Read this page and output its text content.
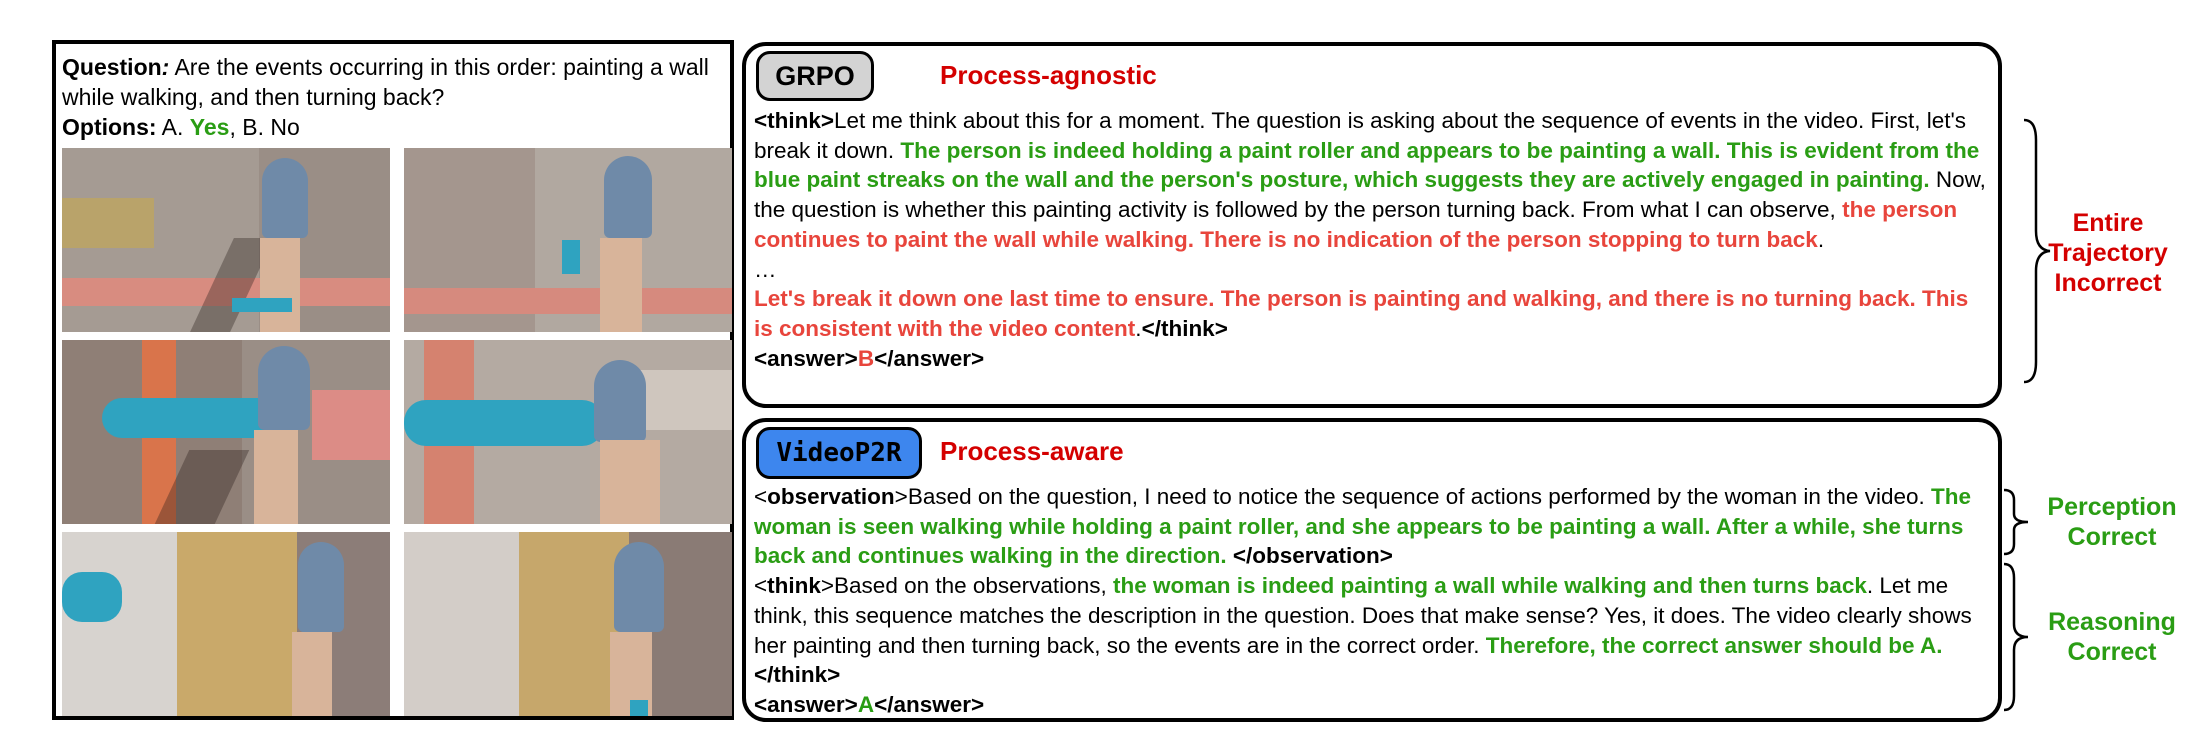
Question: Are the events occurring in this order: painting a wall while walking, and then turning back?
Options: A. Yes, B. No
GRPO	Process-agnostic
<think>Let me think about this for a moment. The question is asking about the sequence of events in the video. First, let's break it down. The person is indeed holding a paint roller and appears to be painting a wall. This is evident from the blue paint streaks on the wall and the person's posture, which suggests they are actively engaged in painting. Now, the question is whether this painting activity is followed by the person turning back. From what I can observe, the person continues to paint the wall while walking. There is no indication of the person stopping to turn back.
…
Let's break it down one last time to ensure. The person is painting and walking, and there is no turning back. This is consistent with the video content.</think>
<answer>B</answer>
VideoP2R	Process-aware
<observation>Based on the question, I need to notice the sequence of actions performed by the woman in the video. The woman is seen walking while holding a paint roller, and she appears to be painting a wall. After a while, she turns back and continues walking in the direction. </observation>
<think>Based on the observations, the woman is indeed painting a wall while walking and then turns back. Let me think, this sequence matches the description in the question. Does that make sense? Yes, it does. The video clearly shows her painting and then turning back, so the events are in the correct order. Therefore, the correct answer should be A.</think>
<answer>A</answer>
Entire
Trajectory
Incorrect
Perception
Correct
Reasoning
Correct
